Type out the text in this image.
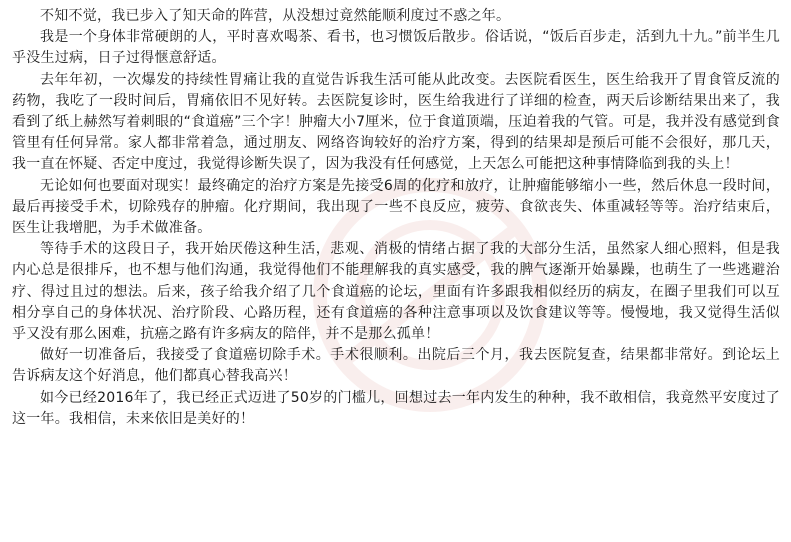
不知不觉，我已步入了知天命的阵营，从没想过竟然能顺利度过不惑之年。

我是一个身体非常硬朗的人，平时喜欢喝茶、看书，也习惯饭后散步。俗话说，“饭后百步走，活到九十九。”前半生几乎没生过病，日子过得惬意舒适。

去年年初，一次爆发的持续性胃痛让我的直觉告诉我生活可能从此改变。去医院看医生，医生给我开了胃食管反流的药物，我吃了一段时间后，胃痛依旧不见好转。去医院复诊时，医生给我进行了详细的检查，两天后诊断结果出来了，我看到了纸上赫然写着刺眼的“食道癌”三个字！肿瘤大小7厘米，位于食道顶端，压迫着我的气管。可是，我并没有感觉到食管里有任何异常。家人都非常着急，通过朋友、网络咨询较好的治疗方案，得到的结果却是预后可能不会很好，那几天，我一直在怀疑、否定中度过，我觉得诊断失误了，因为我没有任何感觉，上天怎么可能把这种事情降临到我的头上！

无论如何也要面对现实！最终确定的治疗方案是先接受6周的化疗和放疗，让肿瘤能够缩小一些，然后休息一段时间，最后再接受手术，切除残存的肿瘤。化疗期间，我出现了一些不良反应，疲劳、食欲丧失、体重减轻等等。治疗结束后，医生让我增肥，为手术做准备。

等待手术的这段日子，我开始厌倦这种生活，悲观、消极的情绪占据了我的大部分生活，虽然家人细心照料，但是我内心总是很排斥，也不想与他们沟通，我觉得他们不能理解我的真实感受，我的脾气逐渐开始暴躁，也萌生了一些逃避治疗、得过且过的想法。后来，孩子给我介绍了几个食道癌的论坛，里面有许多跟我相似经历的病友，在圈子里我们可以互相分享自己的身体状况、治疗阶段、心路历程，还有食道癌的各种注意事项以及饮食建议等等。慢慢地，我又觉得生活似乎又没有那么困难，抗癌之路有许多病友的陪伴，并不是那么孤单！

做好一切准备后，我接受了食道癌切除手术。手术很顺利。出院后三个月，我去医院复查，结果都非常好。到论坛上告诉病友这个好消息，他们都真心替我高兴！

如今已经2016年了，我已经正式迈进了50岁的门槛儿，回想过去一年内发生的种种，我不敢相信，我竟然平安度过了这一年。我相信，未来依旧是美好的！
